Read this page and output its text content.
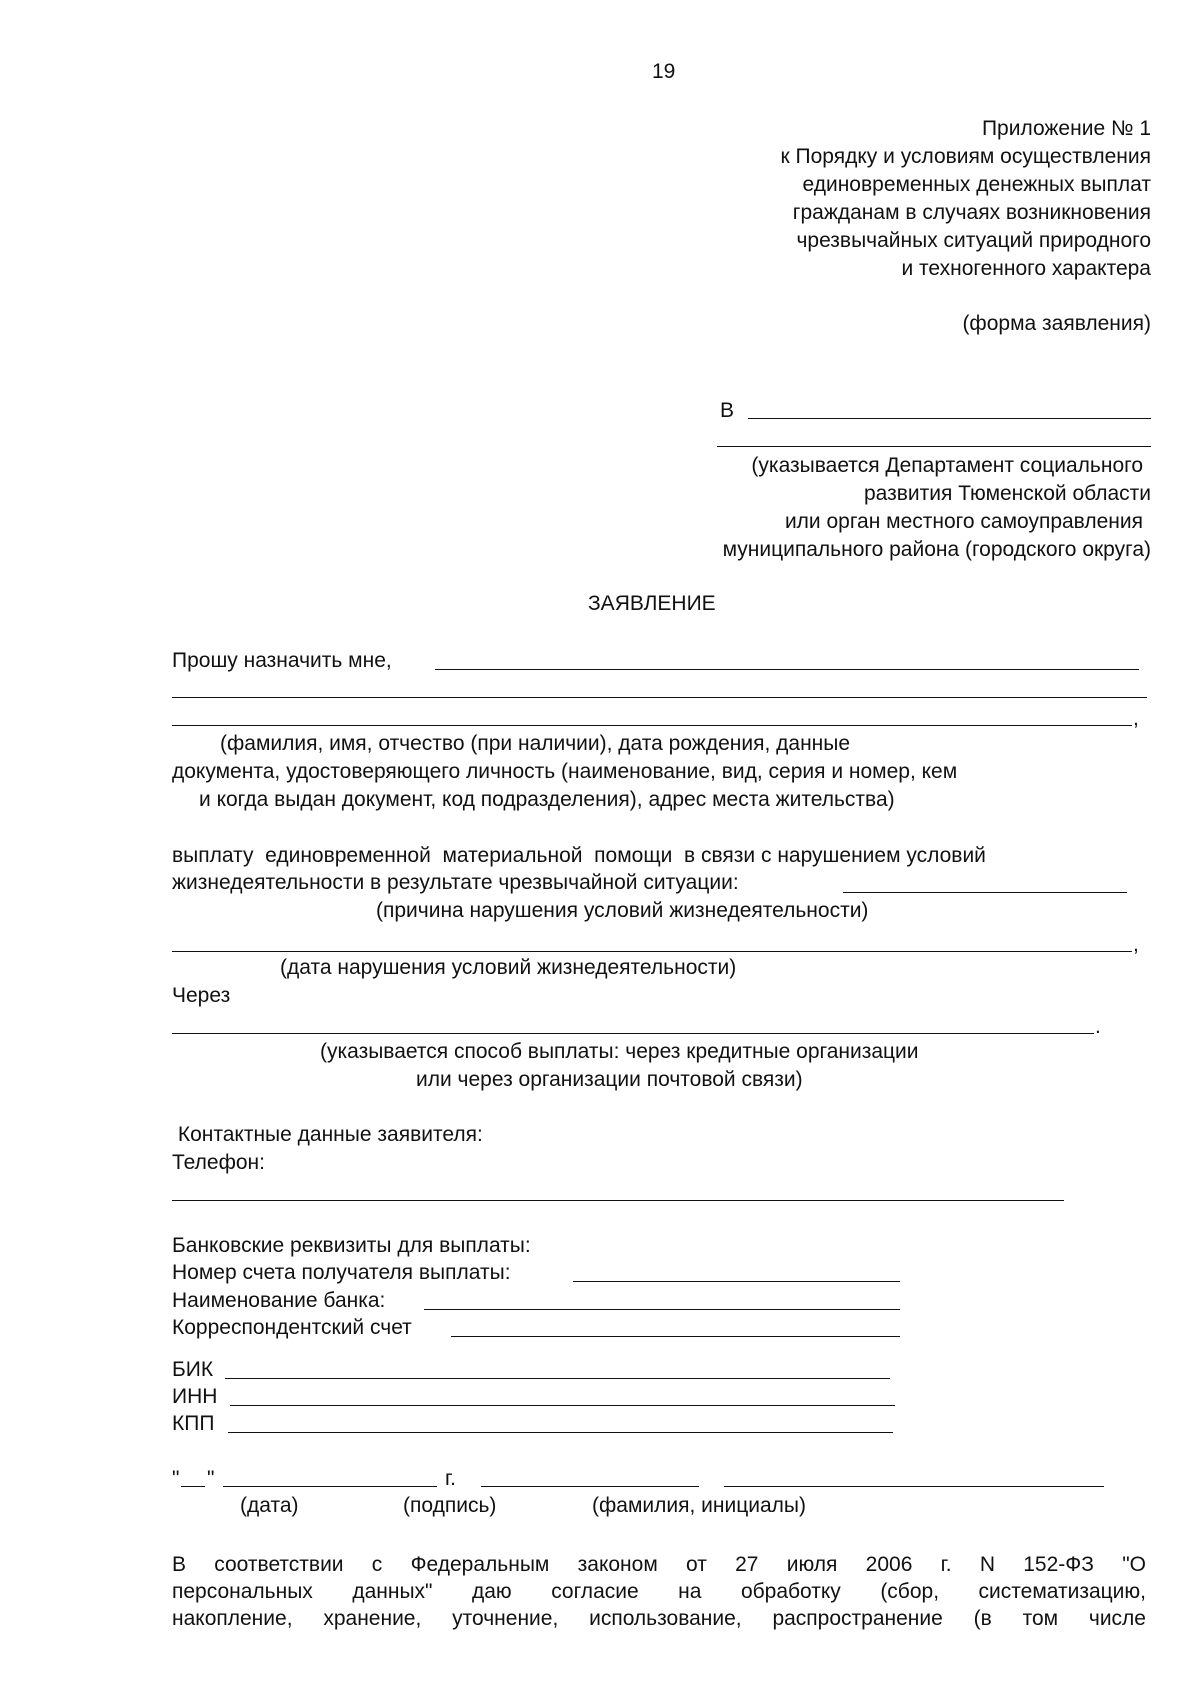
19
Приложение № 1
к Порядку и условиям осуществления
единовременных денежных выплат
гражданам в случаях возникновения
чрезвычайных ситуаций природного
и техногенного характера
(форма заявления)
В
(указывается Департамент социального
развития Тюменской области
или орган местного самоуправления
муниципального района (городского округа)
ЗАЯВЛЕНИЕ
Прошу назначить мне,
,
(фамилия, имя, отчество (при наличии), дата рождения, данные
документа, удостоверяющего личность (наименование, вид, серия и номер, кем
и когда выдан документ, код подразделения), адрес места жительства)
выплату  единовременной  материальной  помощи  в связи с нарушением условий
жизнедеятельности в результате чрезвычайной ситуации:
(причина нарушения условий жизнедеятельности)
,
(дата нарушения условий жизнедеятельности)
Через
.
(указывается способ выплаты: через кредитные организации
или через организации почтовой связи)
Контактные данные заявителя:
Телефон:
Банковские реквизиты для выплаты:
Номер счета получателя выплаты:
Наименование банка:
Корреспондентский счет
БИК
ИНН
КПП
" "	г.
(дата)	(подпись)	(фамилия, инициалы)
В соответствии с Федеральным законом от 27 июля 2006 г. N 152-ФЗ "О
персональных данных" даю согласие на обработку (сбор, систематизацию,
накопление, хранение, уточнение, использование, распространение (в том числе
